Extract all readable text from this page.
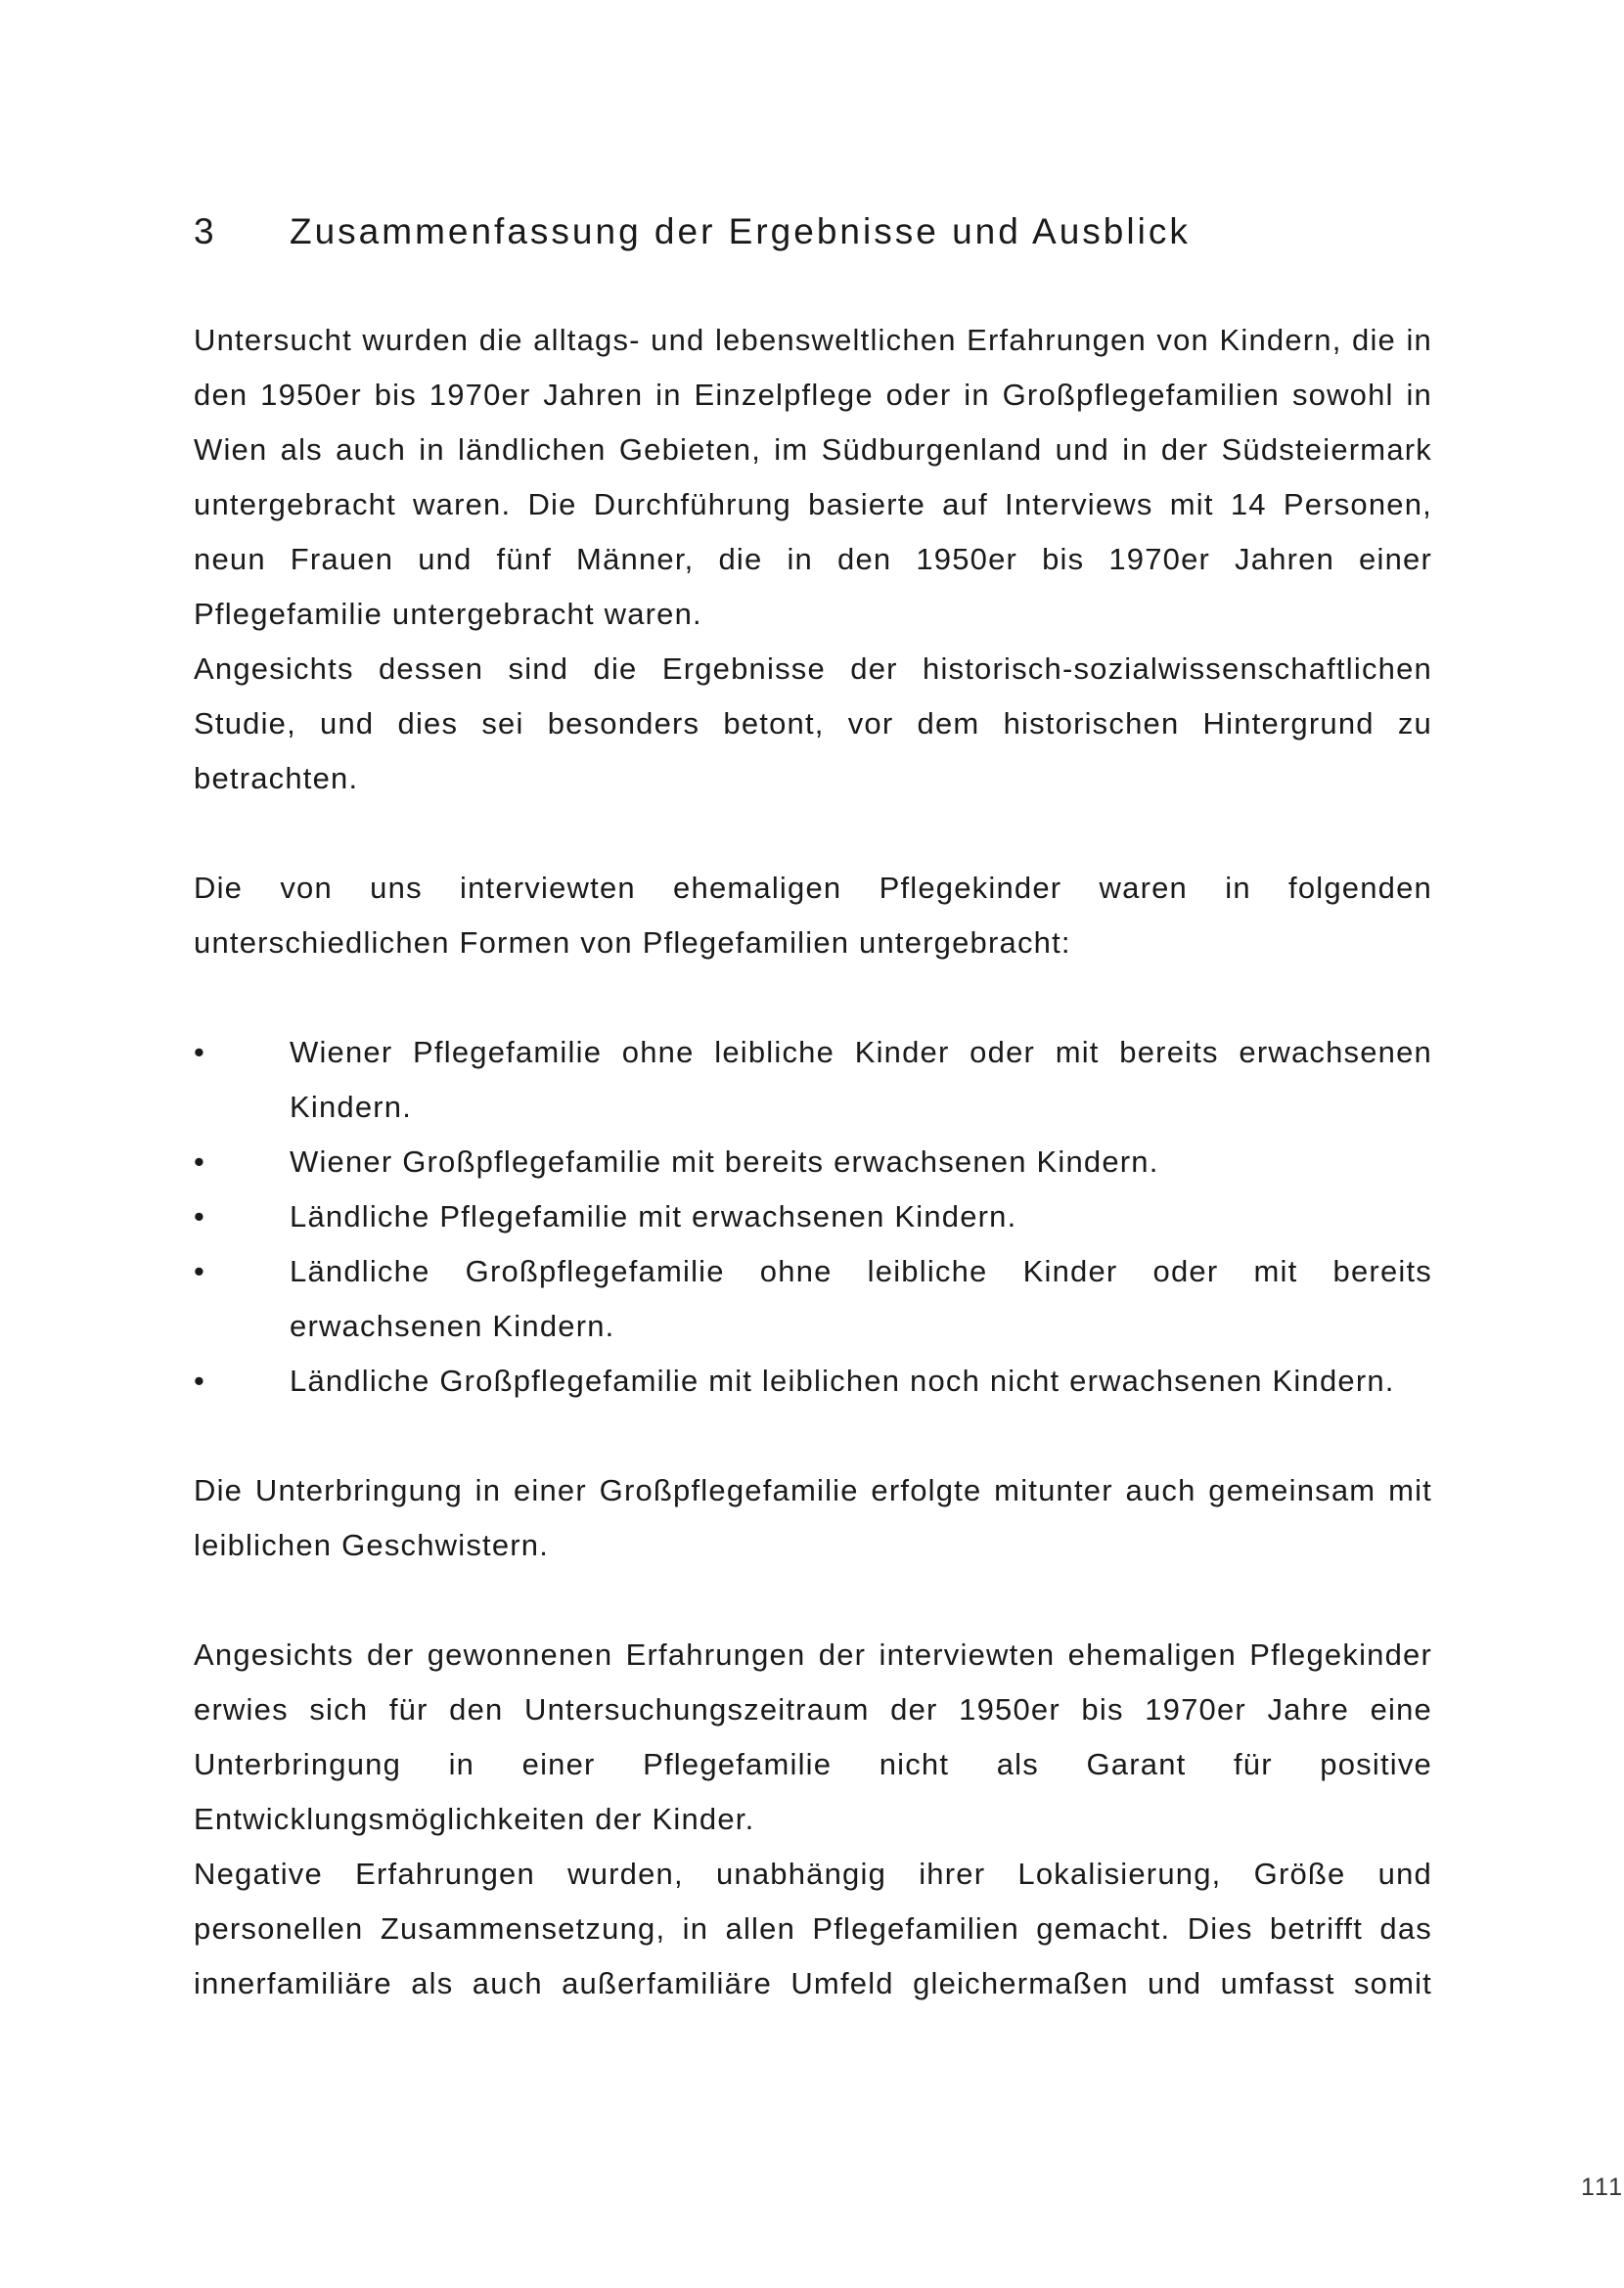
3 Zusammenfassung der Ergebnisse und Ausblick

Untersucht wurden die alltags- und lebensweltlichen Erfahrungen von Kindern, die in den 1950er bis 1970er Jahren in Einzelpflege oder in Großpflegefamilien sowohl in Wien als auch in ländlichen Gebieten, im Südburgenland und in der Südsteiermark untergebracht waren. Die Durchführung basierte auf Interviews mit 14 Personen, neun Frauen und fünf Männer, die in den 1950er bis 1970er Jahren einer Pflegefamilie untergebracht waren.

Angesichts dessen sind die Ergebnisse der historisch-sozialwissenschaftlichen Studie, und dies sei besonders betont, vor dem historischen Hintergrund zu betrachten.

Die von uns interviewten ehemaligen Pflegekinder waren in folgenden unterschiedlichen Formen von Pflegefamilien untergebracht:

•	Wiener Pflegefamilie ohne leibliche Kinder oder mit bereits erwachsenen Kindern.
•	Wiener Großpflegefamilie mit bereits erwachsenen Kindern.
•	Ländliche Pflegefamilie mit erwachsenen Kindern.
•	Ländliche Großpflegefamilie ohne leibliche Kinder oder mit bereits erwachsenen Kindern.
•	Ländliche Großpflegefamilie mit leiblichen noch nicht erwachsenen Kindern.

Die Unterbringung in einer Großpflegefamilie erfolgte mitunter auch gemeinsam mit leiblichen Geschwistern.

Angesichts der gewonnenen Erfahrungen der interviewten ehemaligen Pflegekinder erwies sich für den Untersuchungszeitraum der 1950er bis 1970er Jahre eine Unterbringung in einer Pflegefamilie nicht als Garant für positive Entwicklungsmöglichkeiten der Kinder.

Negative Erfahrungen wurden, unabhängig ihrer Lokalisierung, Größe und personellen Zusammensetzung, in allen Pflegefamilien gemacht. Dies betrifft das innerfamiliäre als auch außerfamiliäre Umfeld gleichermaßen und umfasst somit

111
